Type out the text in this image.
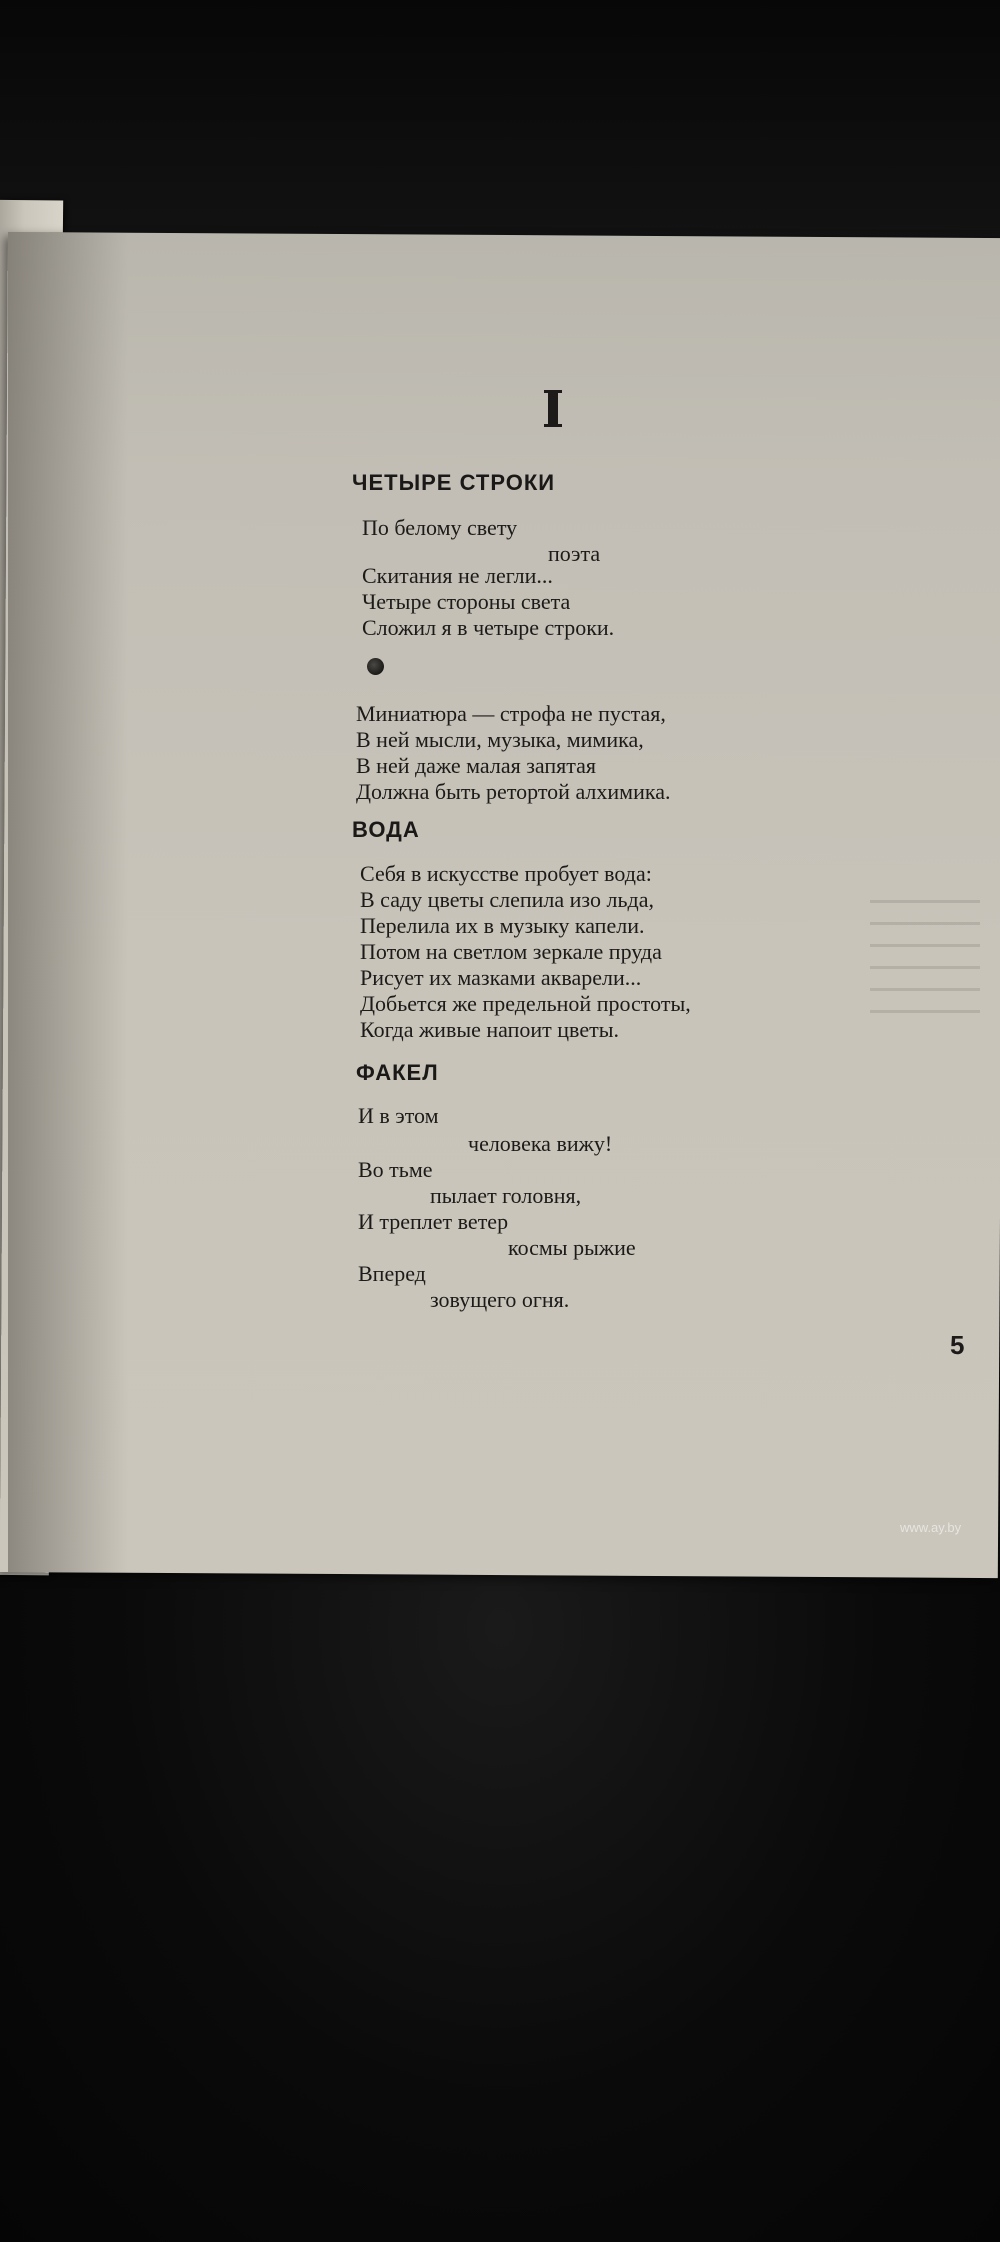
ЧЕТЫРЕ СТРОКИ
По белому свету
поэта
Скитания не легли...
Четыре стороны света
Сложил я в четыре строки.
Миниатюра — строфа не пустая,
В ней мысли, музыка, мимика,
В ней даже малая запятая
Должна быть ретортой алхимика.
ВОДА
Себя в искусстве пробует вода:
В саду цветы слепила изо льда,
Перелила их в музыку капели.
Потом на светлом зеркале пруда
Рисует их мазками акварели...
Добьется же предельной простоты,
Когда живые напоит цветы.
ФАКЕЛ
И в этом
человека вижу!
Во тьме
пылает головня,
И треплет ветер
космы рыжие
Вперед
зовущего огня.
5
www.ay.by
